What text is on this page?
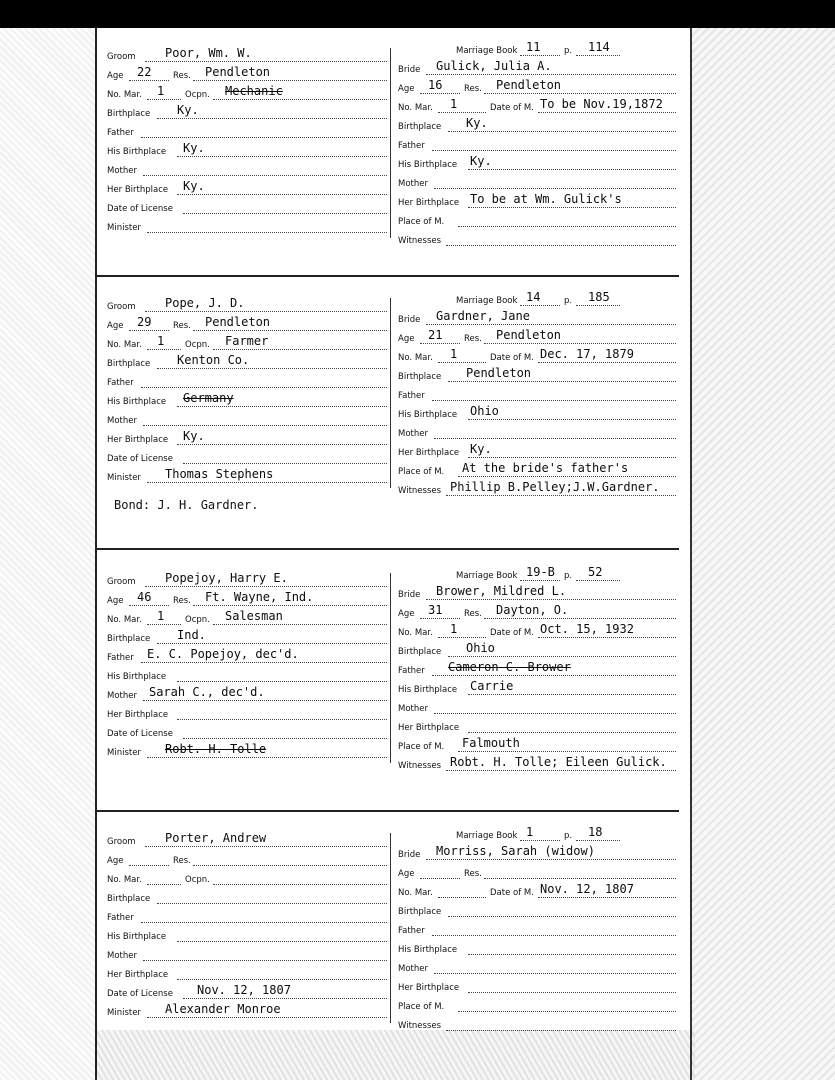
Groom Poor, Wm. W.
Age 22	Res. Pendleton
No. Mar. 1 Ocpn. Mechanic
Birthplace Ky.
Father
His Birthplace Ky.
Mother
Her Birthplace Ky.
Date of License
Minister
Marriage Book 11	p. 114
Bride Gulick, Julia A.
Age 16	Res. Pendleton
No. Mar. 1	Date of M. To be Nov.19,1872
Birthplace Ky.
Father
His Birthplace Ky.
Mother
Her Birthplace To be at Wm. Gulick's
Place of M.
Witnesses
Groom Pope, J. D.
Age 29	Res. Pendleton
No. Mar. 1 Ocpn. Farmer
Birthplace Kenton Co.
Father
His Birthplace Germany
Mother
Her Birthplace Ky.
Date of License
Minister Thomas Stephens
Marriage Book 14	p. 185
Bride Gardner, Jane
Age 21	Res. Pendleton
No. Mar. 1	Date of M. Dec. 17, 1879
Birthplace Pendleton
Father
His Birthplace Ohio
Mother
Her Birthplace Ky.
Place of M. At the bride's father's
Witnesses Phillip B.Pelley;J.W.Gardner.
Bond: J. H. Gardner.
Groom Popejoy, Harry E.
Age 46	Res. Ft. Wayne, Ind.
No. Mar. 1 Ocpn. Salesman
Birthplace Ind.
Father E. C. Popejoy, dec'd.
His Birthplace
Mother Sarah C., dec'd.
Her Birthplace
Date of License
Minister Robt. H. Tolle
Marriage Book 19-B p. 52
Bride Brower, Mildred L.
Age 31	Res. Dayton, O.
No. Mar. 1	Date of M. Oct. 15, 1932
Birthplace Ohio
Father Cameron C. Brower
His Birthplace Carrie
Mother
Her Birthplace
Place of M. Falmouth
Witnesses Robt. H. Tolle; Eileen Gulick.
Groom Porter, Andrew
Age	Res.
No. Mar.	Ocpn.
Birthplace
Father
His Birthplace
Mother
Her Birthplace
Date of License Nov. 12, 1807
Minister Alexander Monroe
Marriage Book 1	p. 18
Bride Morriss, Sarah (widow)
Age	Res.
No. Mar.	Date of M. Nov. 12, 1807
Birthplace
Father
His Birthplace
Mother
Her Birthplace
Place of M.
Witnesses
